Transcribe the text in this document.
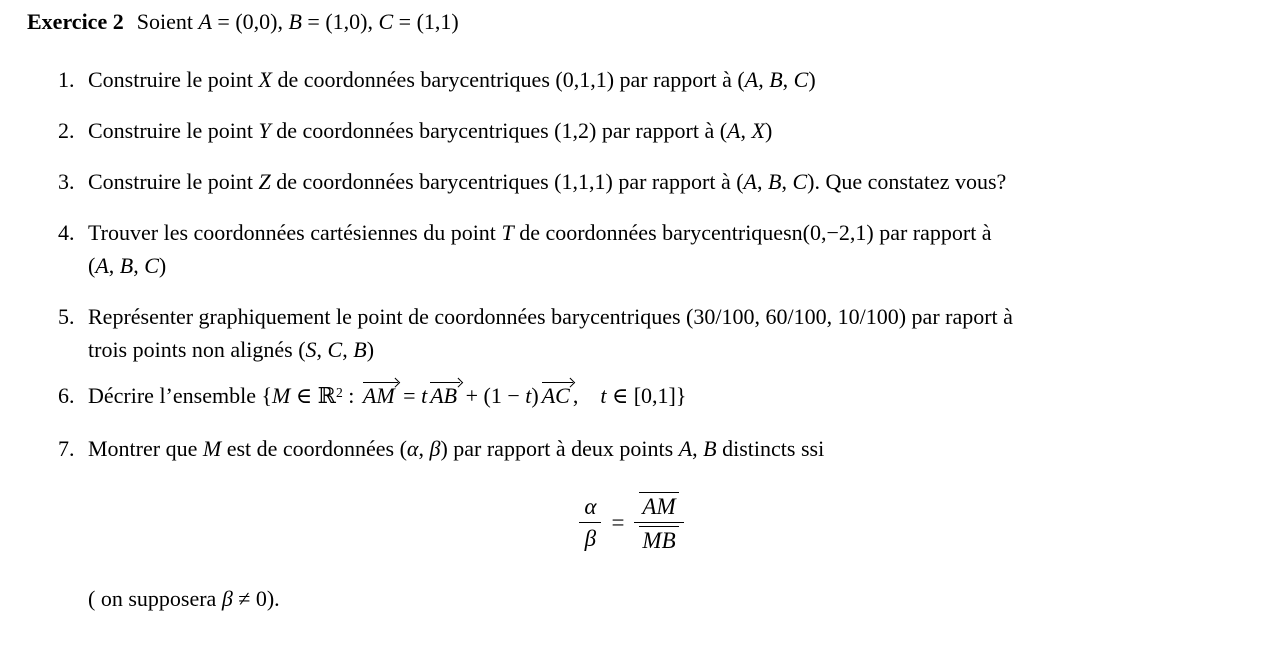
Exercice 2 Soient A = (0,0), B = (1,0), C = (1,1)
1. Construire le point X de coordonnées barycentriques (0,1,1) par rapport à (A, B, C)
2. Construire le point Y de coordonnées barycentriques (1,2) par rapport à (A, X)
3. Construire le point Z de coordonnées barycentriques (1,1,1) par rapport à (A, B, C). Que constatez vous?
4. Trouver les coordonnées cartésiennes du point T de coordonnées barycentriquesn(0,−2,1) par rapport à
(A, B, C)
5. Représenter graphiquement le point de coordonnées barycentriques (30/100, 60/100, 10/100) par raport à
trois points non alignés (S, C, B)
6. Décrire l’ensemble {M ∈ ℝ$^2$ :
AM = t AB + (1 − t) AC , t ∈ [0,1]}
7. Montrer que M est de coordonnées (α, β) par rapport à deux points A, B distincts ssi
$\frac{\alpha}{\beta} = \frac{AM}{MB}$
( on supposera β ≠ 0).
